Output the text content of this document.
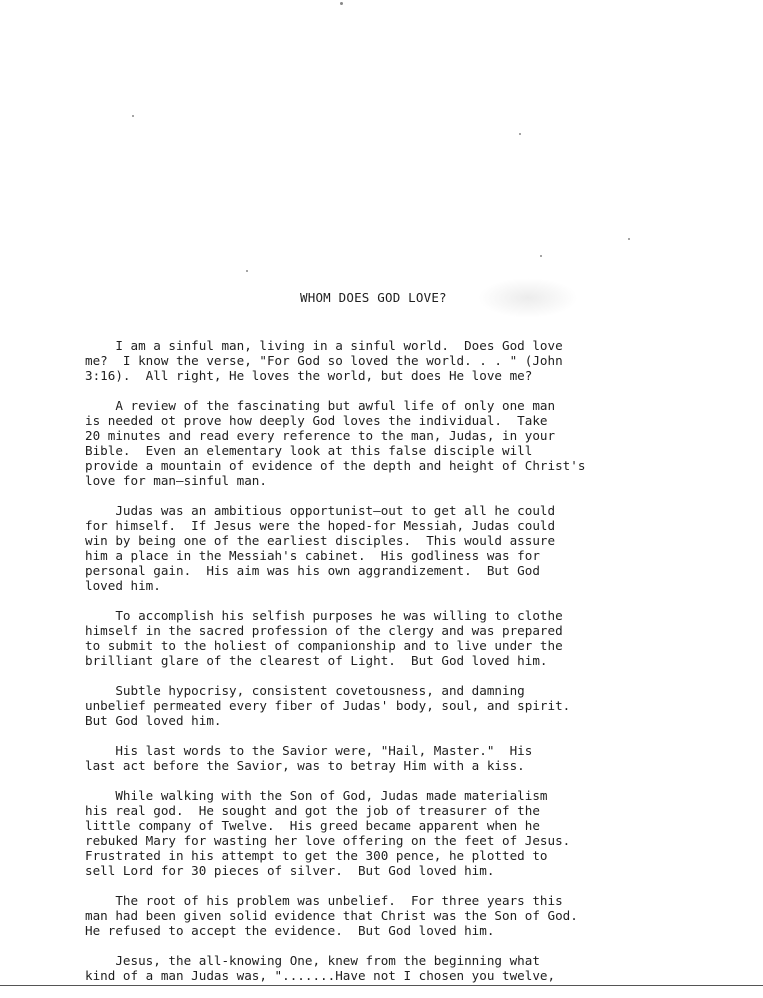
WHOM DOES GOD LOVE?

I am a sinful man, living in a sinful world.  Does God love
me?  I know the verse, "For God so loved the world. . . " (John
3:16).  All right, He loves the world, but does He love me?

A review of the fascinating but awful life of only one man
is needed ot prove how deeply God loves the individual.  Take
20 minutes and read every reference to the man, Judas, in your
Bible.  Even an elementary look at this false disciple will
provide a mountain of evidence of the depth and height of Christ's
love for man—sinful man.

Judas was an ambitious opportunist—out to get all he could
for himself.  If Jesus were the hoped-for Messiah, Judas could
win by being one of the earliest disciples.  This would assure
him a place in the Messiah's cabinet.  His godliness was for
personal gain.  His aim was his own aggrandizement.  But God
loved him.

To accomplish his selfish purposes he was willing to clothe
himself in the sacred profession of the clergy and was prepared
to submit to the holiest of companionship and to live under the
brilliant glare of the clearest of Light.  But God loved him.

Subtle hypocrisy, consistent covetousness, and damning
unbelief permeated every fiber of Judas' body, soul, and spirit.
But God loved him.

His last words to the Savior were, "Hail, Master."  His
last act before the Savior, was to betray Him with a kiss.

While walking with the Son of God, Judas made materialism
his real god.  He sought and got the job of treasurer of the
little company of Twelve.  His greed became apparent when he
rebuked Mary for wasting her love offering on the feet of Jesus.
Frustrated in his attempt to get the 300 pence, he plotted to
sell Lord for 30 pieces of silver.  But God loved him.

The root of his problem was unbelief.  For three years this
man had been given solid evidence that Christ was the Son of God.
He refused to accept the evidence.  But God loved him.

Jesus, the all-knowing One, knew from the beginning what
kind of a man Judas was, ".......Have not I chosen you twelve,
